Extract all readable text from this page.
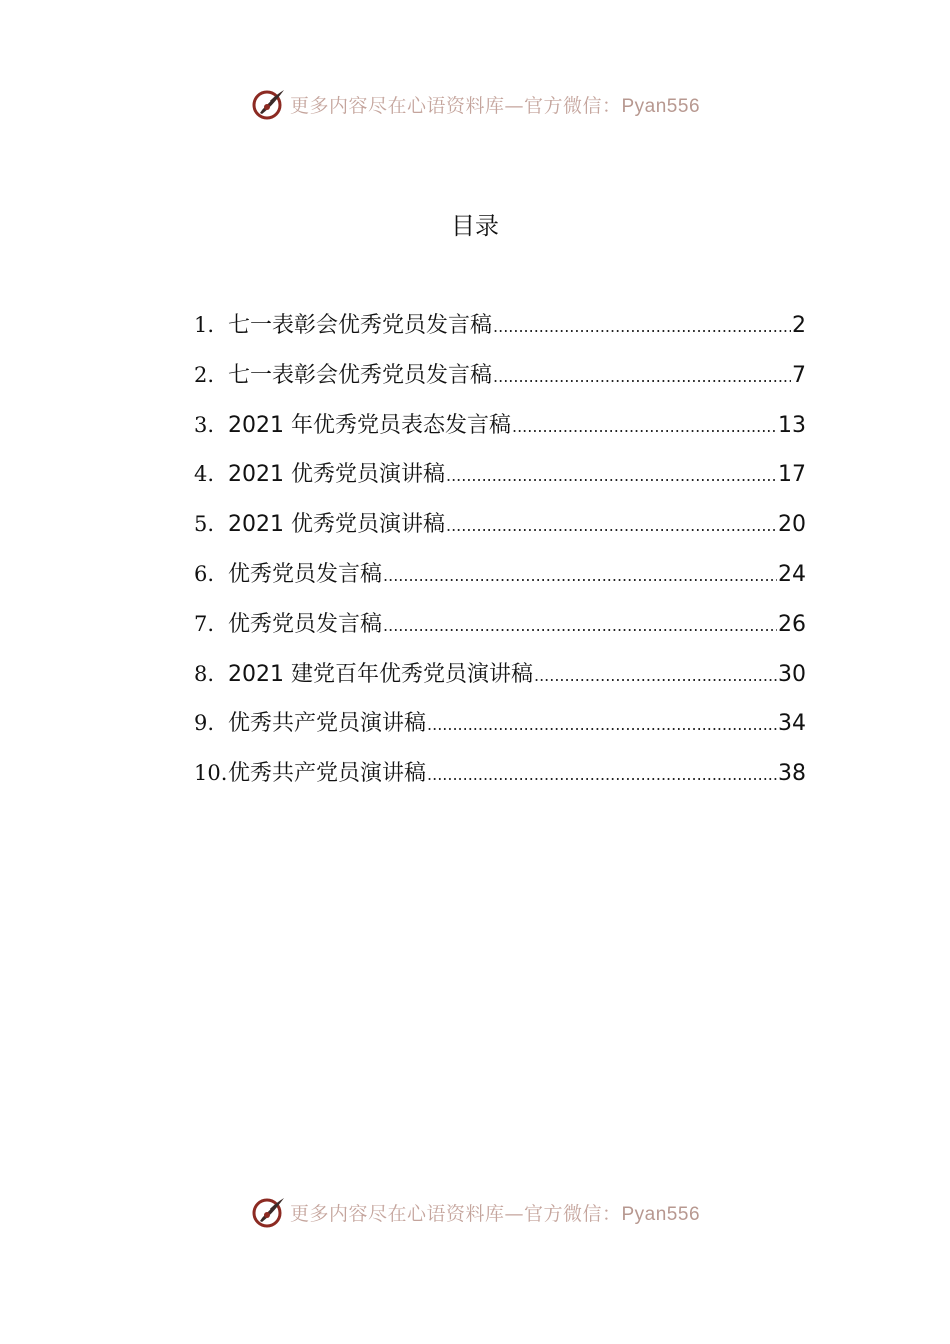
更多内容尽在心语资料库—官方微信：Pyan556
目录
1. 七一表彰会优秀党员发言稿 .....	2
2. 七一表彰会优秀党员发言稿 .....	7
3. 2021 年优秀党员表态发言稿 .....	13
4. 2021 优秀党员演讲稿 .....	17
5. 2021 优秀党员演讲稿 .....	20
6. 优秀党员发言稿 .....	24
7. 优秀党员发言稿 .....	26
8. 2021 建党百年优秀党员演讲稿 .....	30
9. 优秀共产党员演讲稿 .....	34
10. 优秀共产党员演讲稿 .....	38
更多内容尽在心语资料库—官方微信：Pyan556
